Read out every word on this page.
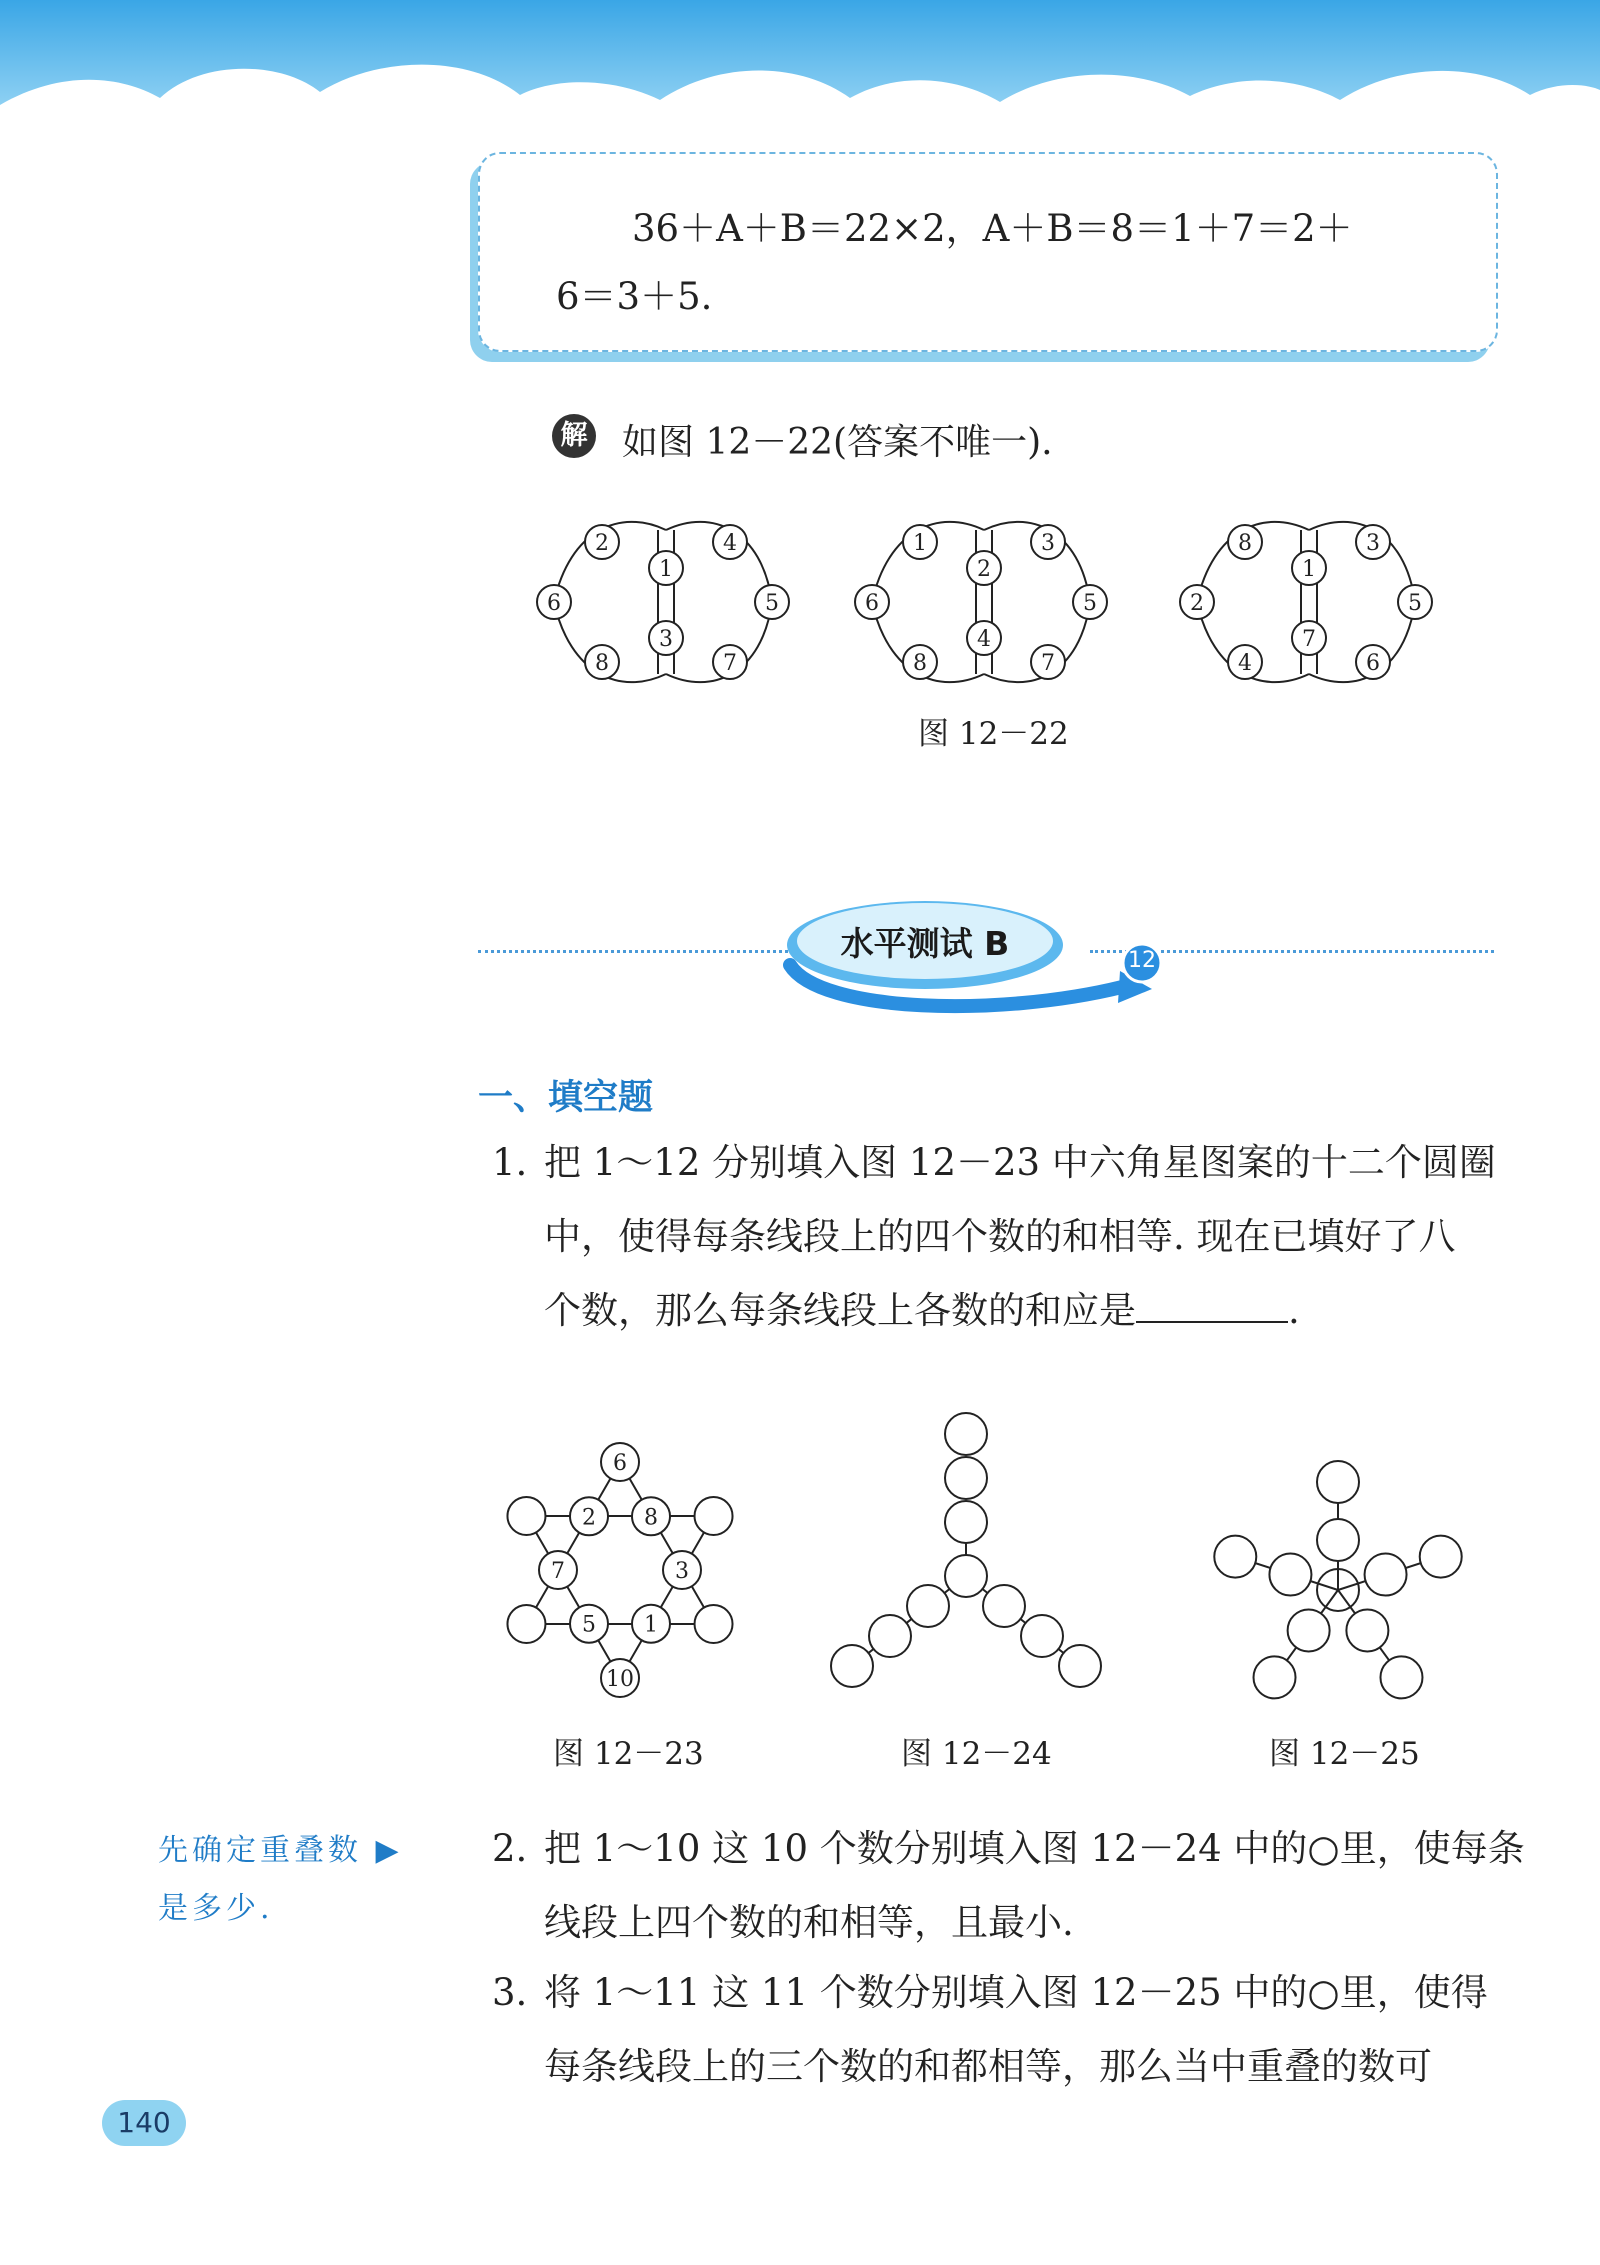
36＋A＋B＝22×2，A＋B＝8＝1＋7＝2＋
6＝3＋5.
解 如图 12－22(答案不唯一).
2	4
5
7
8
6
1
3
1	3
5
7
8
6
2
4
8	3
5
6
4
2
1
7
图 12－22
水平测试 B	12
一、填空题
1. 把 1～12 分别填入图 12－23 中六角星图案的十二个圆圈
中，使得每条线段上的四个数的和相等. 现在已填好了八
个数，那么每条线段上各数的和应是	.
6
10
8
3
1
5
7
2
图 12－23	图 12－24	图 12－25
先确定重叠数 ▶
是多少.
2. 把 1～10 这 10 个数分别填入图 12－24 中的○里，使每条
线段上四个数的和相等，且最小.
3. 将 1～11 这 11 个数分别填入图 12－25 中的○里，使得
每条线段上的三个数的和都相等，那么当中重叠的数可
140
